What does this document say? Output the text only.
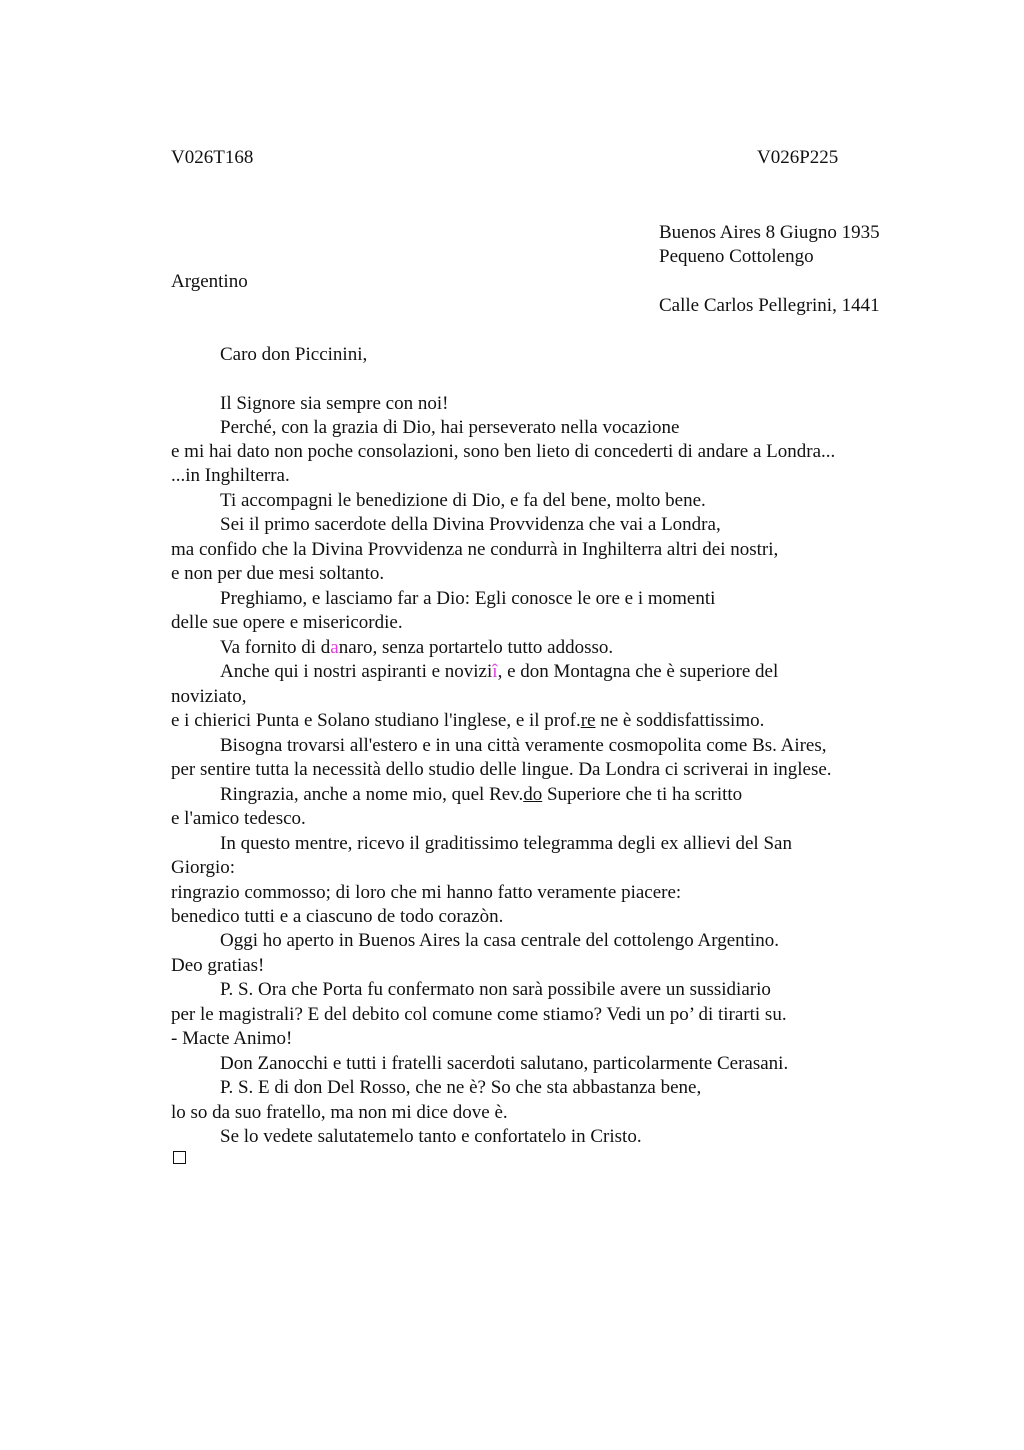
V026T168	V026P225
Buenos Aires 8 Giugno 1935
Pequeno Cottolengo
Argentino
Calle Carlos Pellegrini, 1441
Caro don Piccinini,
Il Signore sia sempre con noi!
Perché, con la grazia di Dio, hai perseverato nella vocazione
e mi hai dato non poche consolazioni, sono ben lieto di concederti di andare a Londra...
...in Inghilterra.
Ti accompagni le benedizione di Dio, e fa del bene, molto bene.
Sei il primo sacerdote della Divina Provvidenza che vai a Londra,
ma confido che la Divina Provvidenza ne condurrà in Inghilterra altri dei nostri,
e non per due mesi soltanto.
Preghiamo, e lasciamo far a Dio: Egli conosce le ore e i momenti
delle sue opere e misericordie.
Va fornito di danaro, senza portartelo tutto addosso.
Anche qui i nostri aspiranti e noviziî, e don Montagna che è superiore del
noviziato,
e i chierici Punta e Solano studiano l'inglese, e il prof.re ne è soddisfattissimo.
Bisogna trovarsi all'estero e in una città veramente cosmopolita come Bs. Aires,
per sentire tutta la necessità dello studio delle lingue. Da Londra ci scriverai in inglese.
Ringrazia, anche a nome mio, quel Rev.do Superiore che ti ha scritto
e l'amico tedesco.
In questo mentre, ricevo il graditissimo telegramma degli ex allievi del San
Giorgio:
ringrazio commosso; di loro che mi hanno fatto veramente piacere:
benedico tutti e a ciascuno de todo corazòn.
Oggi ho aperto in Buenos Aires la casa centrale del cottolengo Argentino.
Deo gratias!
P. S. Ora che Porta fu confermato non sarà possibile avere un sussidiario
per le magistrali? E del debito col comune come stiamo? Vedi un po’ di tirarti su.
- Macte Animo!
Don Zanocchi e tutti i fratelli sacerdoti salutano, particolarmente Cerasani.
P. S. E di don Del Rosso, che ne è? So che sta abbastanza bene,
lo so da suo fratello, ma non mi dice dove è.
Se lo vedete salutatemelo tanto e confortatelo in Cristo.
